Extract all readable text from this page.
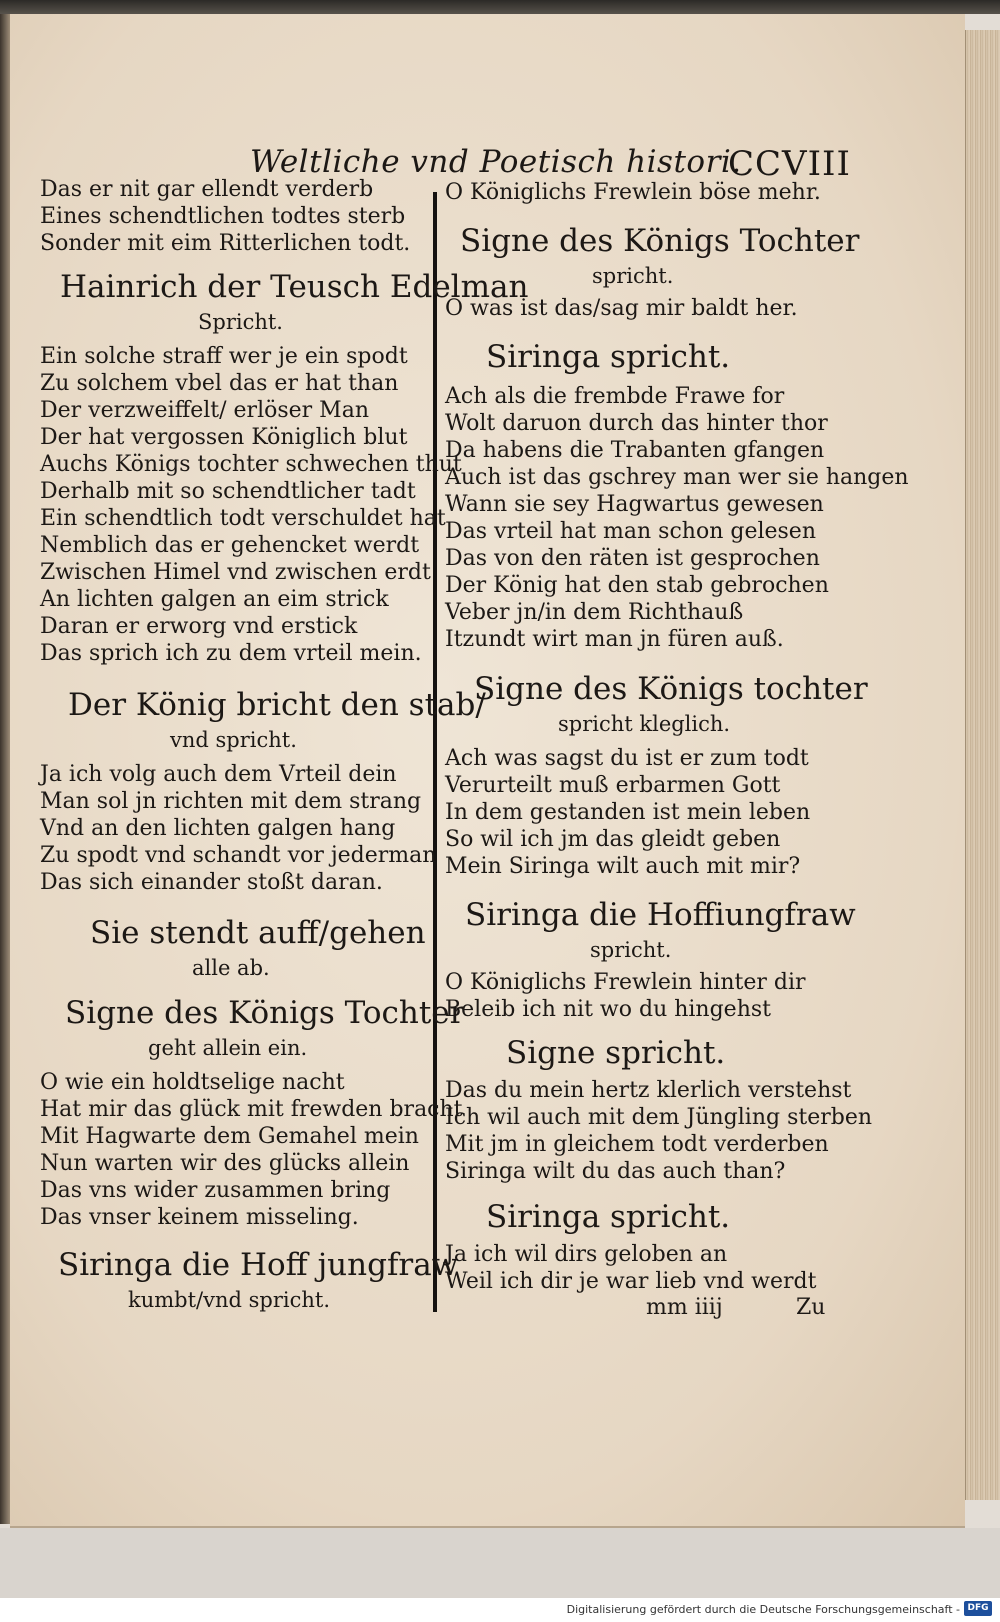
Weltliche vnd Poetisch histori.
CCVIII
Das er nit gar ellendt verderb
Eines schendtlichen todtes sterb
Sonder mit eim Ritterlichen todt.
Hainrich der Teusch Edelman
Spricht.
Ein solche straff wer je ein spodt
Zu solchem vbel das er hat than
Der verzweiffelt/ erlöser Man
Der hat vergossen Königlich blut
Auchs Königs tochter schwechen thut
Derhalb mit so schendtlicher tadt
Ein schendtlich todt verschuldet hat
Nemblich das er gehencket werdt
Zwischen Himel vnd zwischen erdt
An lichten galgen an eim strick
Daran er erworg vnd erstick
Das sprich ich zu dem vrteil mein.
Der König bricht den stab/
vnd spricht.
Ja ich volg auch dem Vrteil dein
Man sol jn richten mit dem strang
Vnd an den lichten galgen hang
Zu spodt vnd schandt vor jederman
Das sich einander stoßt daran.
Sie stendt auff/gehen
alle ab.
Signe des Königs Tochter
geht allein ein.
O wie ein holdtselige nacht
Hat mir das glück mit frewden bracht
Mit Hagwarte dem Gemahel mein
Nun warten wir des glücks allein
Das vns wider zusammen bring
Das vnser keinem misseling.
Siringa die Hoff jungfraw
kumbt/vnd spricht.
O Königlichs Frewlein böse mehr.
Signe des Königs Tochter
spricht.
O was ist das/sag mir baldt her.
Siringa spricht.
Ach als die frembde Frawe for
Wolt daruon durch das hinter thor
Da habens die Trabanten gfangen
Auch ist das gschrey man wer sie hangen
Wann sie sey Hagwartus gewesen
Das vrteil hat man schon gelesen
Das von den räten ist gesprochen
Der König hat den stab gebrochen
Veber jn/in dem Richthauß
Itzundt wirt man jn füren auß.
Signe des Königs tochter
spricht kleglich.
Ach was sagst du ist er zum todt
Verurteilt muß erbarmen Gott
In dem gestanden ist mein leben
So wil ich jm das gleidt geben
Mein Siringa wilt auch mit mir?
Siringa die Hoffiungfraw
spricht.
O Königlichs Frewlein hinter dir
Beleib ich nit wo du hingehst
Signe spricht.
Das du mein hertz klerlich verstehst
Ich wil auch mit dem Jüngling sterben
Mit jm in gleichem todt verderben
Siringa wilt du das auch than?
Siringa spricht.
Ja ich wil dirs geloben an
Weil ich dir je war lieb vnd werdt
mm iiij	Zu
Digitalisierung gefördert durch die Deutsche Forschungsgemeinschaft - DFG
